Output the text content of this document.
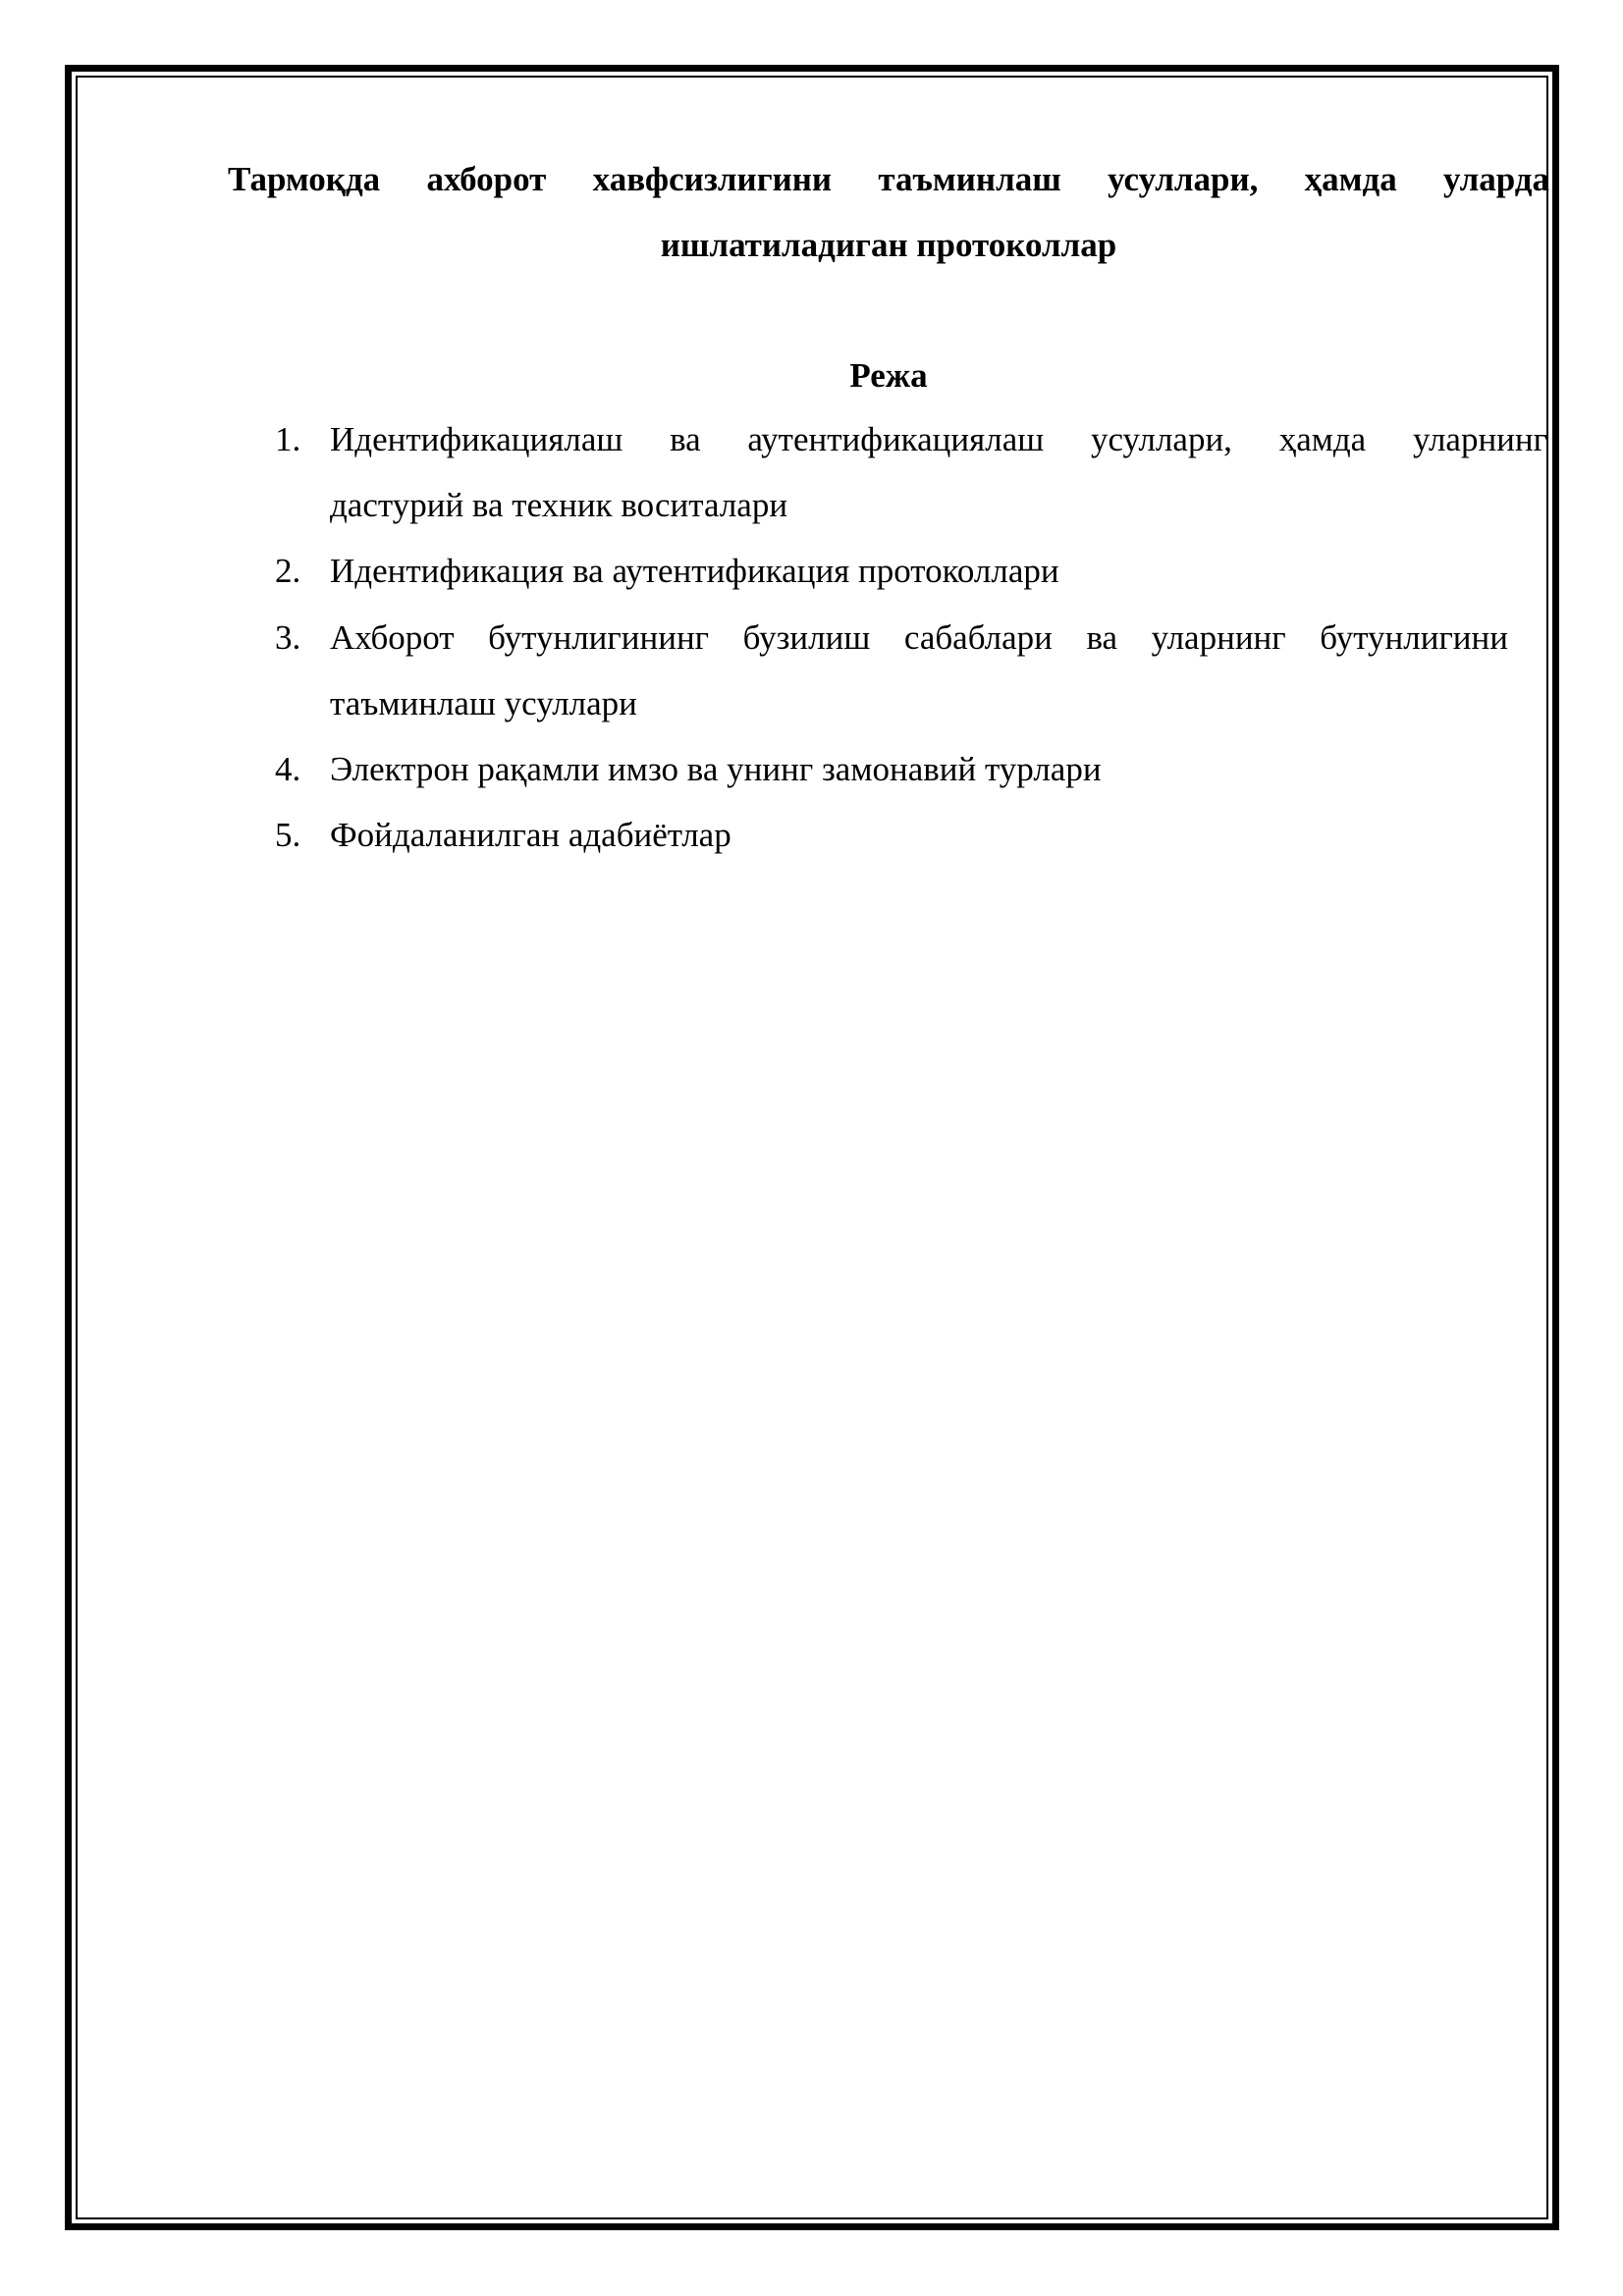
Тармоқда ахборот хавфсизлигини таъминлаш усуллари, ҳамда уларда
ишлатиладиган протоколлар
Режа
1. Идентификациялаш ва аутентификациялаш усуллари, ҳамда уларнинг
дастурий ва техник воситалари
2. Идентификация ва аутентификация протоколлари
3. Ахборот бутунлигининг бузилиш сабаблари ва уларнинг бутунлигини
таъминлаш усуллари
4. Электрон рақамли имзо ва унинг замонавий турлари
5. Фойдаланилган адабиётлар
